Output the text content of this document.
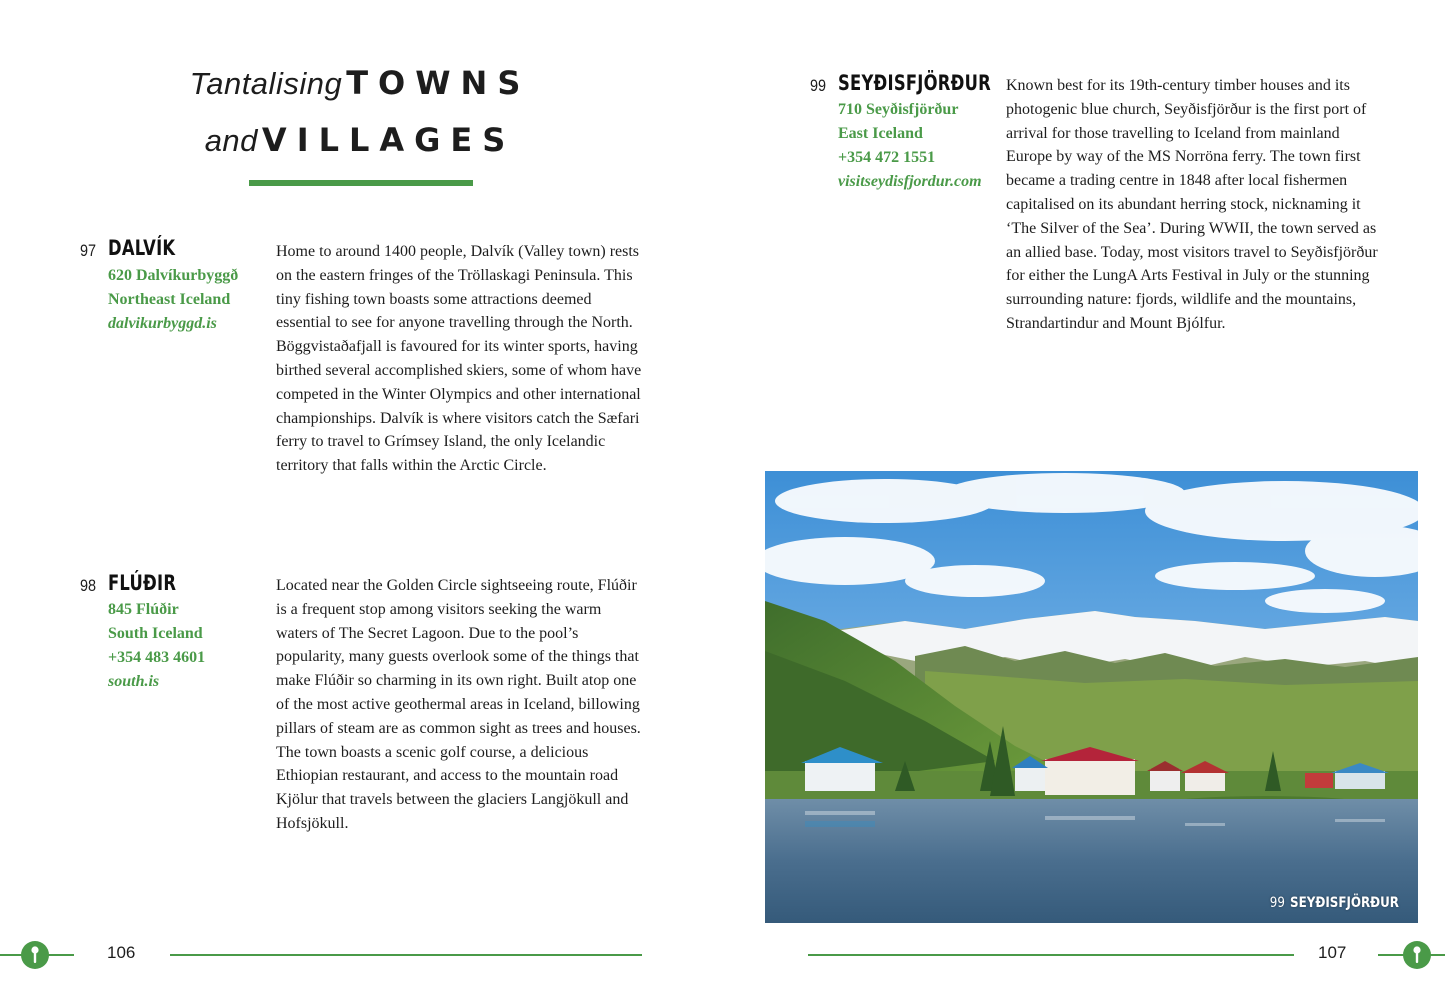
Tantalising TOWNS
and VILLAGES
97 DALVÍK
620 Dalvíkurbyggð
Northeast Iceland
dalvikurbyggd.is

Home to around 1400 people, Dalvík (Valley town) rests on the eastern fringes of the Tröllaskagi Peninsula. This tiny fishing town boasts some attractions deemed essential to see for anyone travelling through the North. Böggvistaðafjall is favoured for its winter sports, having birthed several accomplished skiers, some of whom have competed in the Winter Olympics and other international championships. Dalvík is where visitors catch the Sæfari ferry to travel to Grímsey Island, the only Icelandic territory that falls within the Arctic Circle.

98 FLÚÐIR
845 Flúðir
South Iceland
+354 483 4601
south.is

Located near the Golden Circle sightseeing route, Flúðir is a frequent stop among visitors seeking the warm waters of The Secret Lagoon. Due to the pool’s popularity, many guests overlook some of the things that make Flúðir so charming in its own right. Built atop one of the most active geothermal areas in Iceland, billowing pillars of steam are as common sight as trees and houses. The town boasts a scenic golf course, a delicious Ethiopian restaurant, and access to the mountain road Kjölur that travels between the glaciers Langjökull and Hofsjökull.

99 SEYÐISFJÖRÐUR
710 Seyðisfjörður
East Iceland
+354 472 1551
visitseydisfjordur.com

Known best for its 19th-century timber houses and its photogenic blue church, Seyðisfjörður is the first port of arrival for those travelling to Iceland from mainland Europe by way of the MS Norröna ferry. The town first became a trading centre in 1848 after local fishermen capitalised on its abundant herring stock, nicknaming it ‘The Silver of the Sea’. During WWII, the town served as an allied base. Today, most visitors travel to Seyðisfjörður for either the LungA Arts Festival in July or the stunning surrounding nature: fjords, wildlife and the mountains, Strandartindur and Mount Bjólfur.

99 SEYÐISFJÖRÐUR
106	107
